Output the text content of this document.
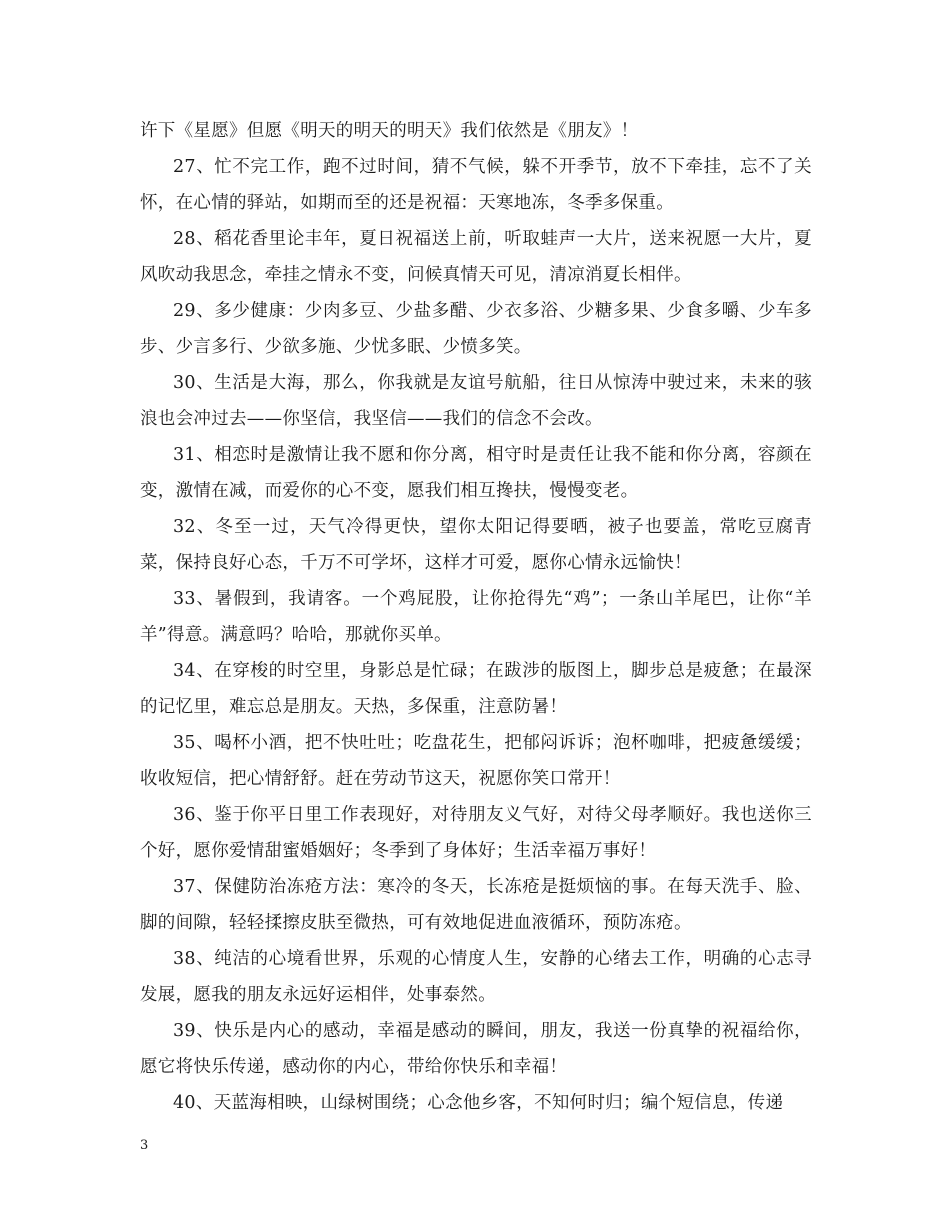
许下《星愿》但愿《明天的明天的明天》我们依然是《朋友》！

27、忙不完工作，跑不过时间，猜不气候，躲不开季节，放不下牵挂，忘不了关怀，在心情的驿站，如期而至的还是祝福：天寒地冻，冬季多保重。

28、稻花香里论丰年，夏日祝福送上前，听取蛙声一大片，送来祝愿一大片，夏风吹动我思念，牵挂之情永不变，问候真情天可见，清凉消夏长相伴。

29、多少健康：少肉多豆、少盐多醋、少衣多浴、少糖多果、少食多嚼、少车多步、少言多行、少欲多施、少忧多眠、少愤多笑。

30、生活是大海，那么，你我就是友谊号航船，往日从惊涛中驶过来，未来的骇浪也会冲过去——你坚信，我坚信——我们的信念不会改。

31、相恋时是激情让我不愿和你分离，相守时是责任让我不能和你分离，容颜在变，激情在减，而爱你的心不变，愿我们相互搀扶，慢慢变老。

32、冬至一过，天气冷得更快，望你太阳记得要晒，被子也要盖，常吃豆腐青菜，保持良好心态，千万不可学坏，这样才可爱，愿你心情永远愉快！

33、暑假到，我请客。一个鸡屁股，让你抢得先“鸡”；一条山羊尾巴，让你“羊羊”得意。满意吗？哈哈，那就你买单。

34、在穿梭的时空里，身影总是忙碌；在跋涉的版图上，脚步总是疲惫；在最深的记忆里，难忘总是朋友。天热，多保重，注意防暑！

35、喝杯小酒，把不快吐吐；吃盘花生，把郁闷诉诉；泡杯咖啡，把疲惫缓缓；收收短信，把心情舒舒。赶在劳动节这天，祝愿你笑口常开！

36、鉴于你平日里工作表现好，对待朋友义气好，对待父母孝顺好。我也送你三个好，愿你爱情甜蜜婚姻好；冬季到了身体好；生活幸福万事好！

37、保健防治冻疮方法：寒冷的冬天，长冻疮是挺烦恼的事。在每天洗手、脸、脚的间隙，轻轻揉擦皮肤至微热，可有效地促进血液循环，预防冻疮。

38、纯洁的心境看世界，乐观的心情度人生，安静的心绪去工作，明确的心志寻发展，愿我的朋友永远好运相伴，处事泰然。

39、快乐是内心的感动，幸福是感动的瞬间，朋友，我送一份真挚的祝福给你，愿它将快乐传递，感动你的内心，带给你快乐和幸福！

40、天蓝海相映，山绿树围绕；心念他乡客，不知何时归；编个短信息，传递

3
